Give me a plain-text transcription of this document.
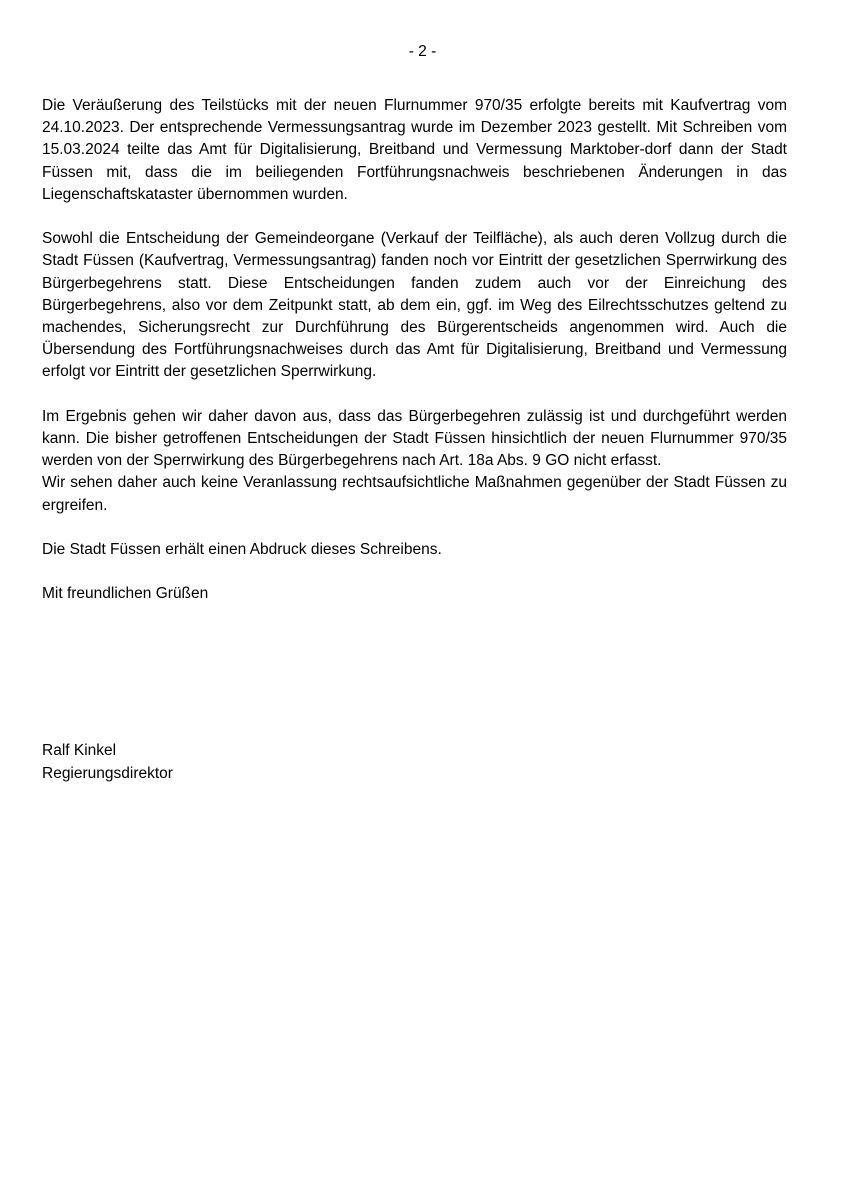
- 2 -

Die Veräußerung des Teilstücks mit der neuen Flurnummer 970/35 erfolgte bereits mit Kaufvertrag vom 24.10.2023. Der entsprechende Vermessungsantrag wurde im Dezember 2023 gestellt. Mit Schreiben vom 15.03.2024 teilte das Amt für Digitalisierung, Breitband und Vermessung Marktober-dorf dann der Stadt Füssen mit, dass die im beiliegenden Fortführungsnachweis beschriebenen Änderungen in das Liegenschaftskataster übernommen wurden.

Sowohl die Entscheidung der Gemeindeorgane (Verkauf der Teilfläche), als auch deren Vollzug durch die Stadt Füssen (Kaufvertrag, Vermessungsantrag) fanden noch vor Eintritt der gesetzlichen Sperrwirkung des Bürgerbegehrens statt. Diese Entscheidungen fanden zudem auch vor der Einreichung des Bürgerbegehrens, also vor dem Zeitpunkt statt, ab dem ein, ggf. im Weg des Eilrechtsschutzes geltend zu machendes, Sicherungsrecht zur Durchführung des Bürgerentscheids angenommen wird. Auch die Übersendung des Fortführungsnachweises durch das Amt für Digitalisierung, Breitband und Vermessung erfolgt vor Eintritt der gesetzlichen Sperrwirkung.

Im Ergebnis gehen wir daher davon aus, dass das Bürgerbegehren zulässig ist und durchgeführt werden kann. Die bisher getroffenen Entscheidungen der Stadt Füssen hinsichtlich der neuen Flurnummer 970/35 werden von der Sperrwirkung des Bürgerbegehrens nach Art. 18a Abs. 9 GO nicht erfasst.

Wir sehen daher auch keine Veranlassung rechtsaufsichtliche Maßnahmen gegenüber der Stadt Füssen zu ergreifen.

Die Stadt Füssen erhält einen Abdruck dieses Schreibens.

Mit freundlichen Grüßen

Ralf Kinkel
Regierungsdirektor
